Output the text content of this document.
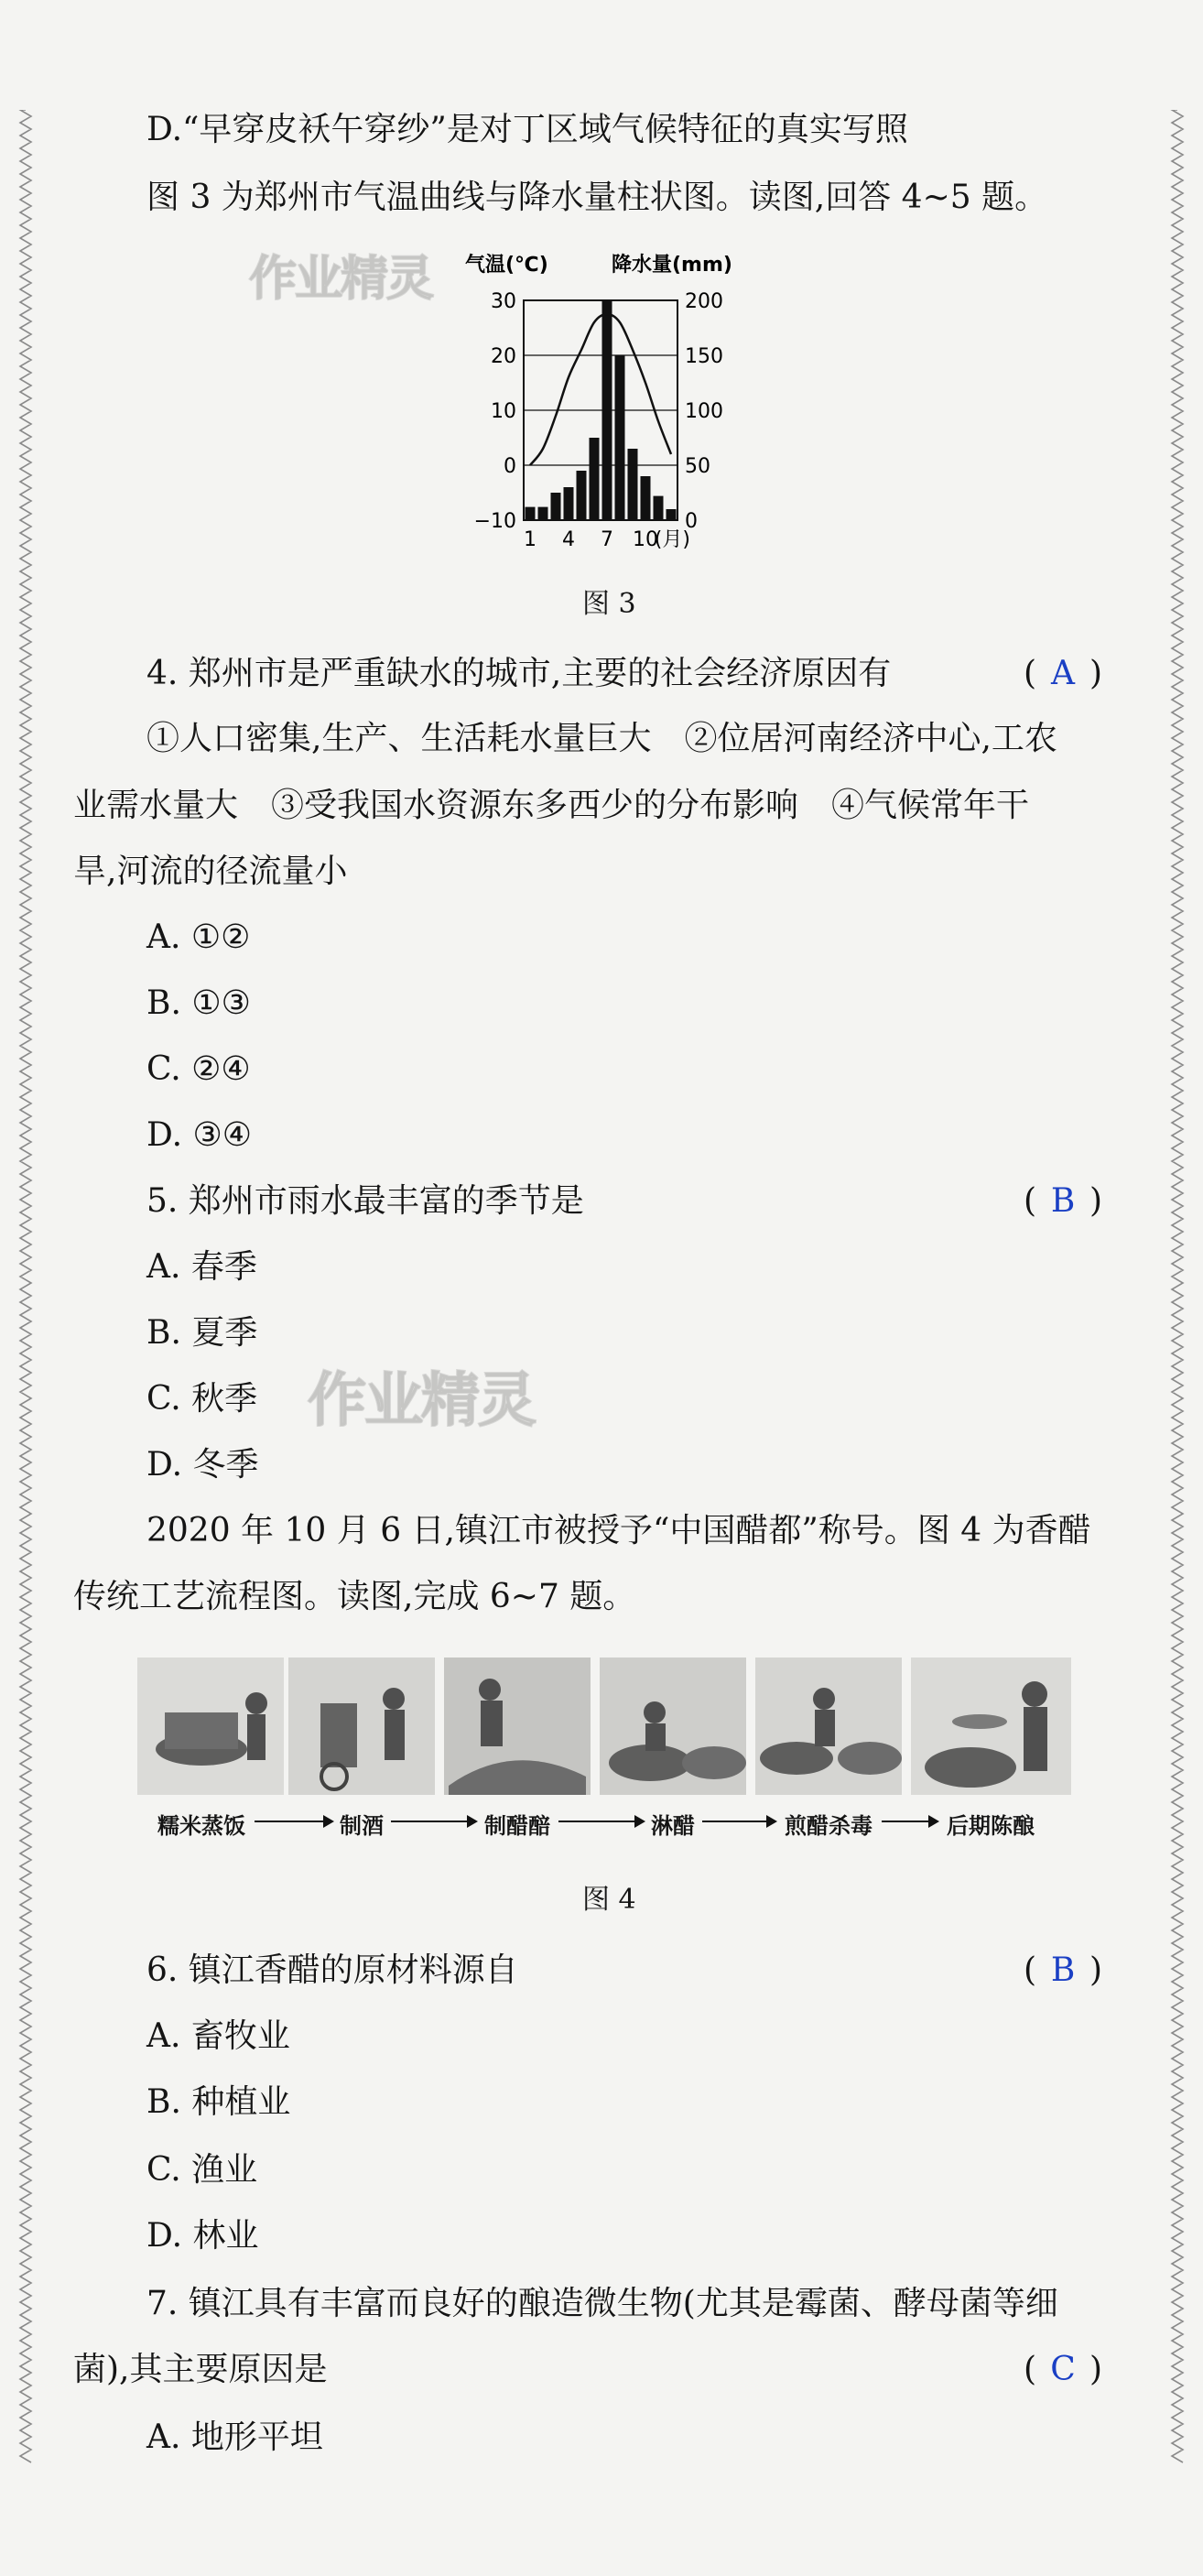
D.“早穿皮袄午穿纱”是对丁区域气候特征的真实写照
图 3 为郑州市气温曲线与降水量柱状图。读图,回答 4~5 题。
气温(℃)	降水量(mm)
30
20
10
0
−10
200
150
100
50
0
1 4 7 10
(月)
图 3
4. 郑州市是严重缺水的城市,主要的社会经济原因有	( A )
①人口密集,生产、生活耗水量巨大　②位居河南经济中心,工农
业需水量大　③受我国水资源东多西少的分布影响　④气候常年干
旱,河流的径流量小
A. ①②
B. ①③
C. ②④
D. ③④
5. 郑州市雨水最丰富的季节是	( B )
A. 春季
B. 夏季
C. 秋季
D. 冬季
作业精灵
作业精灵
2020 年 10 月 6 日,镇江市被授予“中国醋都”称号。图 4 为香醋
传统工艺流程图。读图,完成 6~7 题。
糯米蒸饭	制酒	制醋醅	淋醋	煎醋杀毒	后期陈酿
图 4
6. 镇江香醋的原材料源自	( B )
A. 畜牧业
B. 种植业
C. 渔业
D. 林业
7. 镇江具有丰富而良好的酿造微生物(尤其是霉菌、酵母菌等细
菌),其主要原因是	( C )
A. 地形平坦
